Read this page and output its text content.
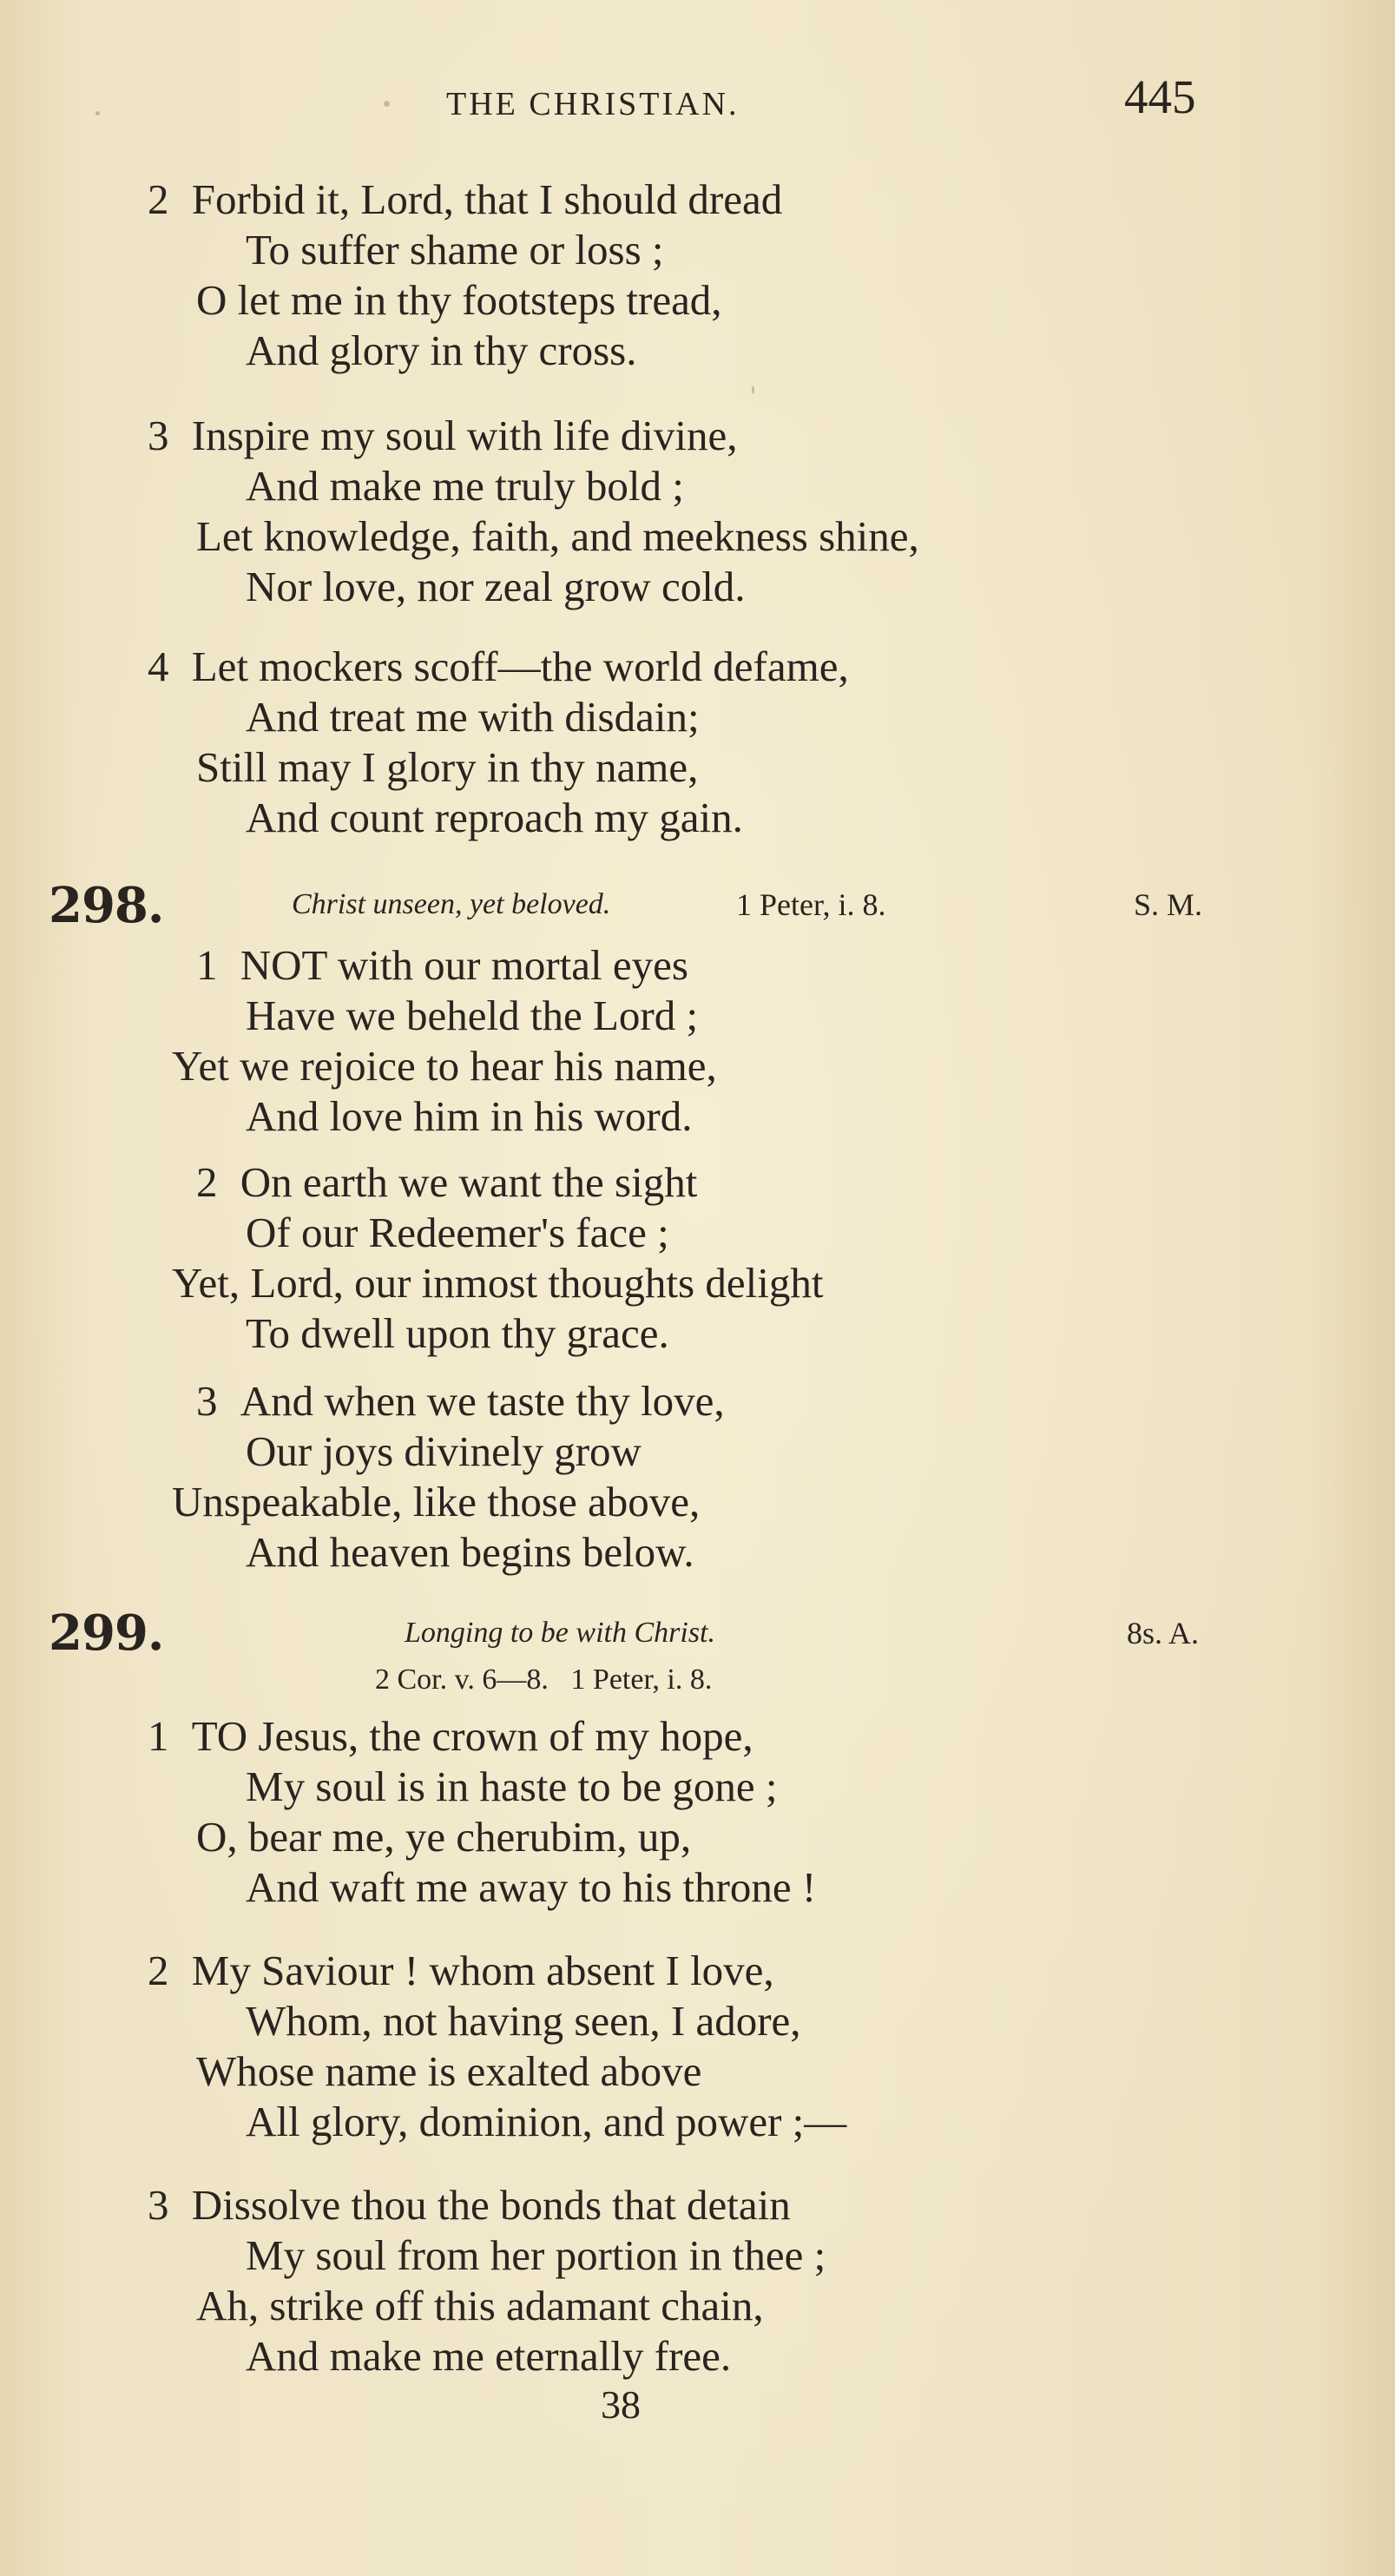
THE CHRISTIAN.	445
2 Forbid it, Lord, that I should dread
To suffer shame or loss ;
O let me in thy footsteps tread,
And glory in thy cross.
3 Inspire my soul with life divine,
And make me truly bold ;
Let knowledge, faith, and meekness shine,
Nor love, nor zeal grow cold.
4 Let mockers scoff—the world defame,
And treat me with disdain;
Still may I glory in thy name,
And count reproach my gain.
298.	Christ unseen, yet beloved.	1 Peter, i. 8.	S. M.
1 NOT with our mortal eyes
Have we beheld the Lord ;
Yet we rejoice to hear his name,
And love him in his word.
2 On earth we want the sight
Of our Redeemer's face ;
Yet, Lord, our inmost thoughts delight
To dwell upon thy grace.
3 And when we taste thy love,
Our joys divinely grow
Unspeakable, like those above,
And heaven begins below.
299.	Longing to be with Christ.	8s. A.
2 Cor. v. 6—8.   1 Peter, i. 8.
1 TO Jesus, the crown of my hope,
My soul is in haste to be gone ;
O, bear me, ye cherubim, up,
And waft me away to his throne !
2 My Saviour ! whom absent I love,
Whom, not having seen, I adore,
Whose name is exalted above
All glory, dominion, and power ;—
3 Dissolve thou the bonds that detain
My soul from her portion in thee ;
Ah, strike off this adamant chain,
And make me eternally free.
38
